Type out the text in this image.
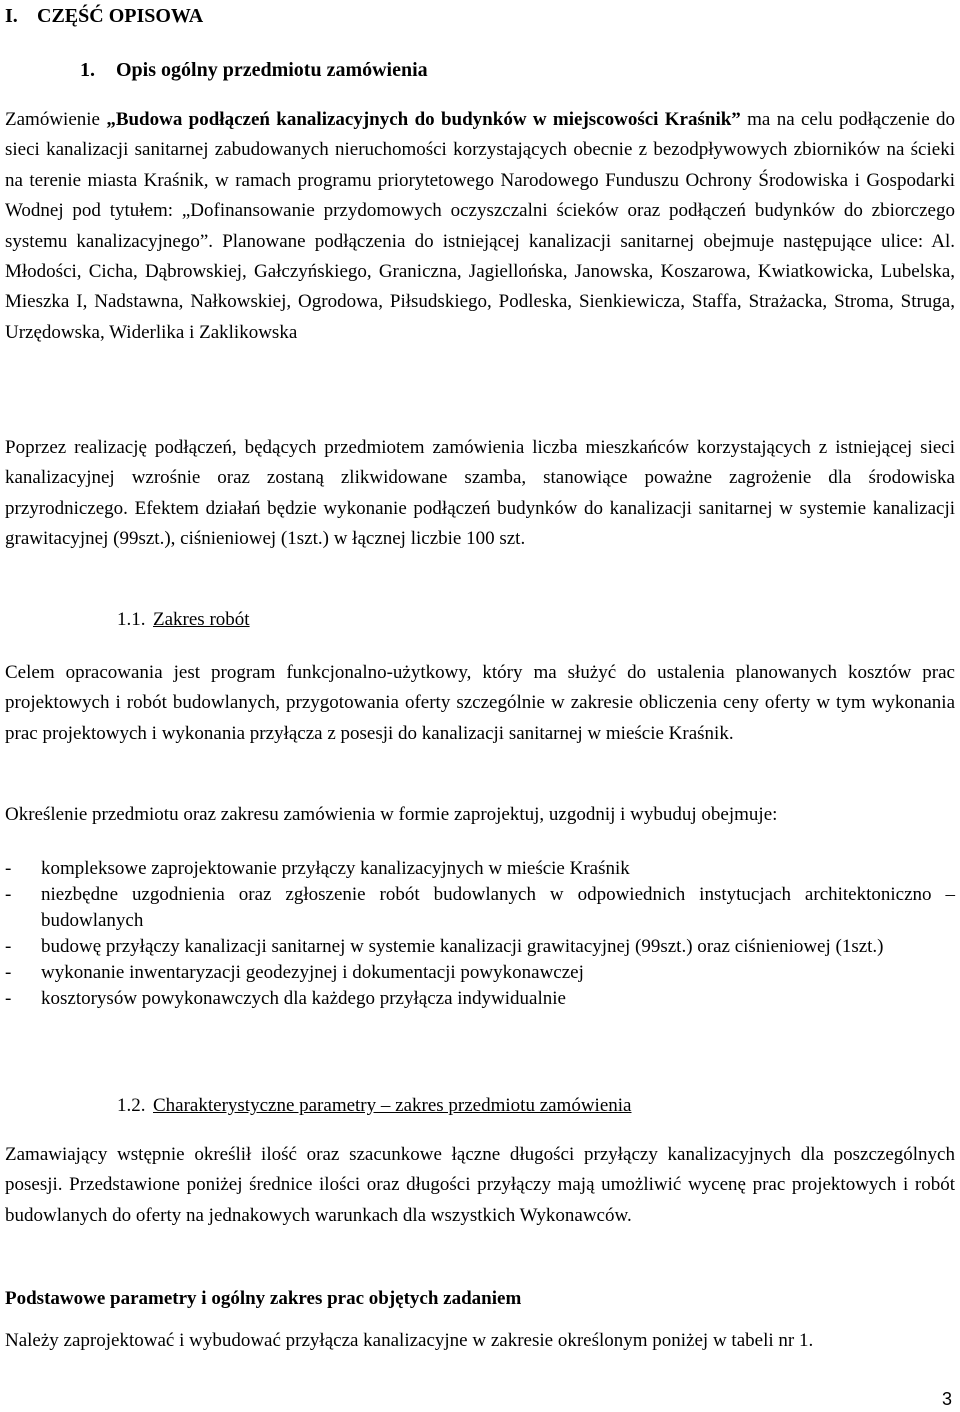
I. CZĘŚĆ OPISOWA
1. Opis ogólny przedmiotu zamówienia
Zamówienie „Budowa podłączeń kanalizacyjnych do budynków w miejscowości Kraśnik” ma na celu podłączenie do sieci kanalizacji sanitarnej zabudowanych nieruchomości korzystających obecnie z bezodpływowych zbiorników na ścieki na terenie miasta Kraśnik, w ramach programu priorytetowego Narodowego Funduszu Ochrony Środowiska i Gospodarki Wodnej pod tytułem: „Dofinansowanie przydomowych oczyszczalni ścieków oraz podłączeń budynków do zbiorczego systemu kanalizacyjnego”. Planowane podłączenia do istniejącej kanalizacji sanitarnej obejmuje następujące ulice: Al. Młodości, Cicha, Dąbrowskiej, Gałczyńskiego, Graniczna, Jagiellońska, Janowska, Koszarowa, Kwiatkowicka, Lubelska, Mieszka I, Nadstawna, Nałkowskiej, Ogrodowa, Piłsudskiego, Podleska, Sienkiewicza, Staffa, Strażacka, Stroma, Struga, Urzędowska, Widerlika i Zaklikowska
Poprzez realizację podłączeń, będących przedmiotem zamówienia liczba mieszkańców korzystających z istniejącej sieci kanalizacyjnej wzrośnie oraz zostaną zlikwidowane szamba, stanowiące poważne zagrożenie dla środowiska przyrodniczego. Efektem działań będzie wykonanie podłączeń budynków do kanalizacji sanitarnej w systemie kanalizacji grawitacyjnej (99szt.), ciśnieniowej (1szt.) w łącznej liczbie 100 szt.
1.1. Zakres robót
Celem opracowania jest program funkcjonalno-użytkowy, który ma służyć do ustalenia planowanych kosztów prac projektowych i robót budowlanych, przygotowania oferty szczególnie w zakresie obliczenia ceny oferty w tym wykonania prac projektowych i wykonania przyłącza z posesji do kanalizacji sanitarnej w mieście Kraśnik.
Określenie przedmiotu oraz zakresu zamówienia w formie zaprojektuj, uzgodnij i wybuduj obejmuje:
- kompleksowe zaprojektowanie przyłączy kanalizacyjnych w mieście Kraśnik
- niezbędne uzgodnienia oraz zgłoszenie robót budowlanych w odpowiednich instytucjach architektoniczno – budowlanych
- budowę przyłączy kanalizacji sanitarnej w systemie kanalizacji grawitacyjnej (99szt.) oraz ciśnieniowej (1szt.)
- wykonanie inwentaryzacji geodezyjnej i dokumentacji powykonawczej
- kosztorysów powykonawczych dla każdego przyłącza indywidualnie
1.2. Charakterystyczne parametry – zakres przedmiotu zamówienia
Zamawiający wstępnie określił ilość oraz szacunkowe łączne długości przyłączy kanalizacyjnych dla poszczególnych posesji. Przedstawione poniżej średnice ilości oraz długości przyłączy mają umożliwić wycenę prac projektowych i robót budowlanych do oferty na jednakowych warunkach dla wszystkich Wykonawców.
Podstawowe parametry i ogólny zakres prac objętych zadaniem
Należy zaprojektować i wybudować przyłącza kanalizacyjne w zakresie określonym poniżej w tabeli nr 1.
3
